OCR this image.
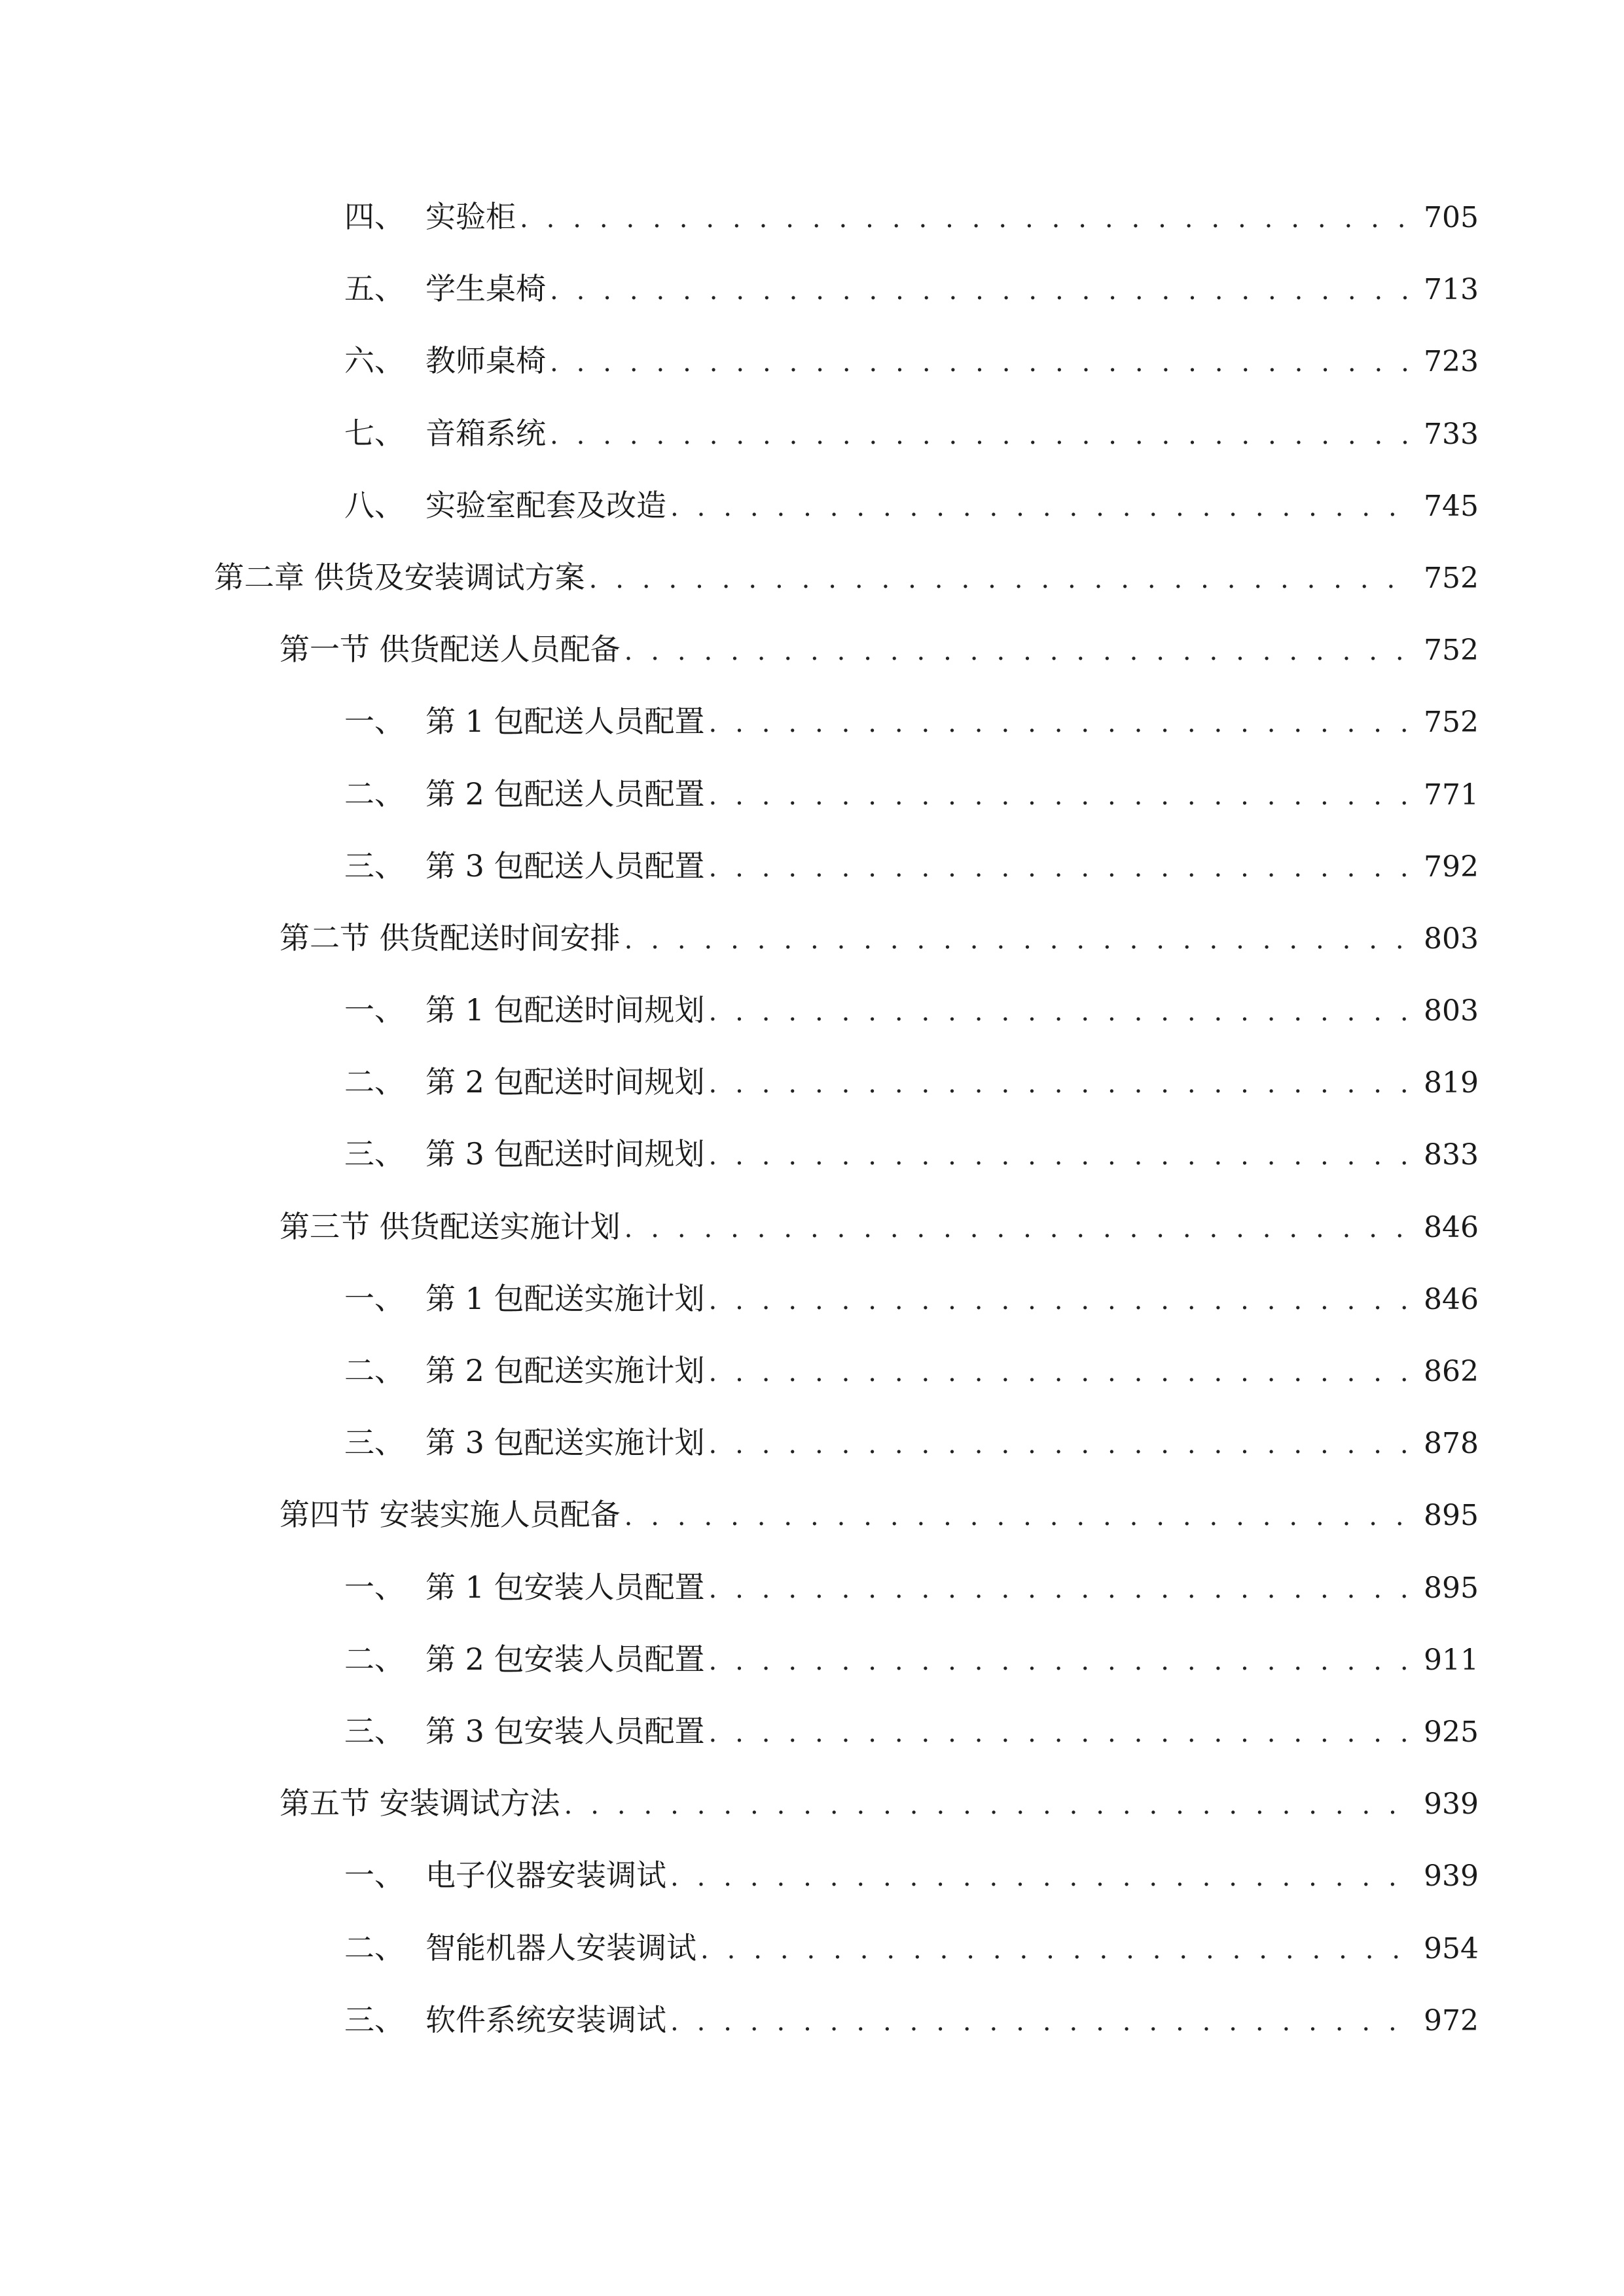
四、 实验柜 . . .	705
五、 学生桌椅 . . .	713
六、 教师桌椅 . . .	723
七、 音箱系统 . . .	733
八、 实验室配套及改造 . . .	745
第二章 供货及安装调试方案 . . .	752
第一节 供货配送人员配备 . . .	752
一、 第 1 包配送人员配置 . . .	752
二、 第 2 包配送人员配置 . . .	771
三、 第 3 包配送人员配置 . . .	792
第二节 供货配送时间安排 . . .	803
一、 第 1 包配送时间规划 . . .	803
二、 第 2 包配送时间规划 . . .	819
三、 第 3 包配送时间规划 . . .	833
第三节 供货配送实施计划 . . .	846
一、 第 1 包配送实施计划 . . .	846
二、 第 2 包配送实施计划 . . .	862
三、 第 3 包配送实施计划 . . .	878
第四节 安装实施人员配备 . . .	895
一、 第 1 包安装人员配置 . . .	895
二、 第 2 包安装人员配置 . . .	911
三、 第 3 包安装人员配置 . . .	925
第五节 安装调试方法 . . .	939
一、 电子仪器安装调试 . . .	939
二、 智能机器人安装调试 . . .	954
三、 软件系统安装调试 . . .	972
